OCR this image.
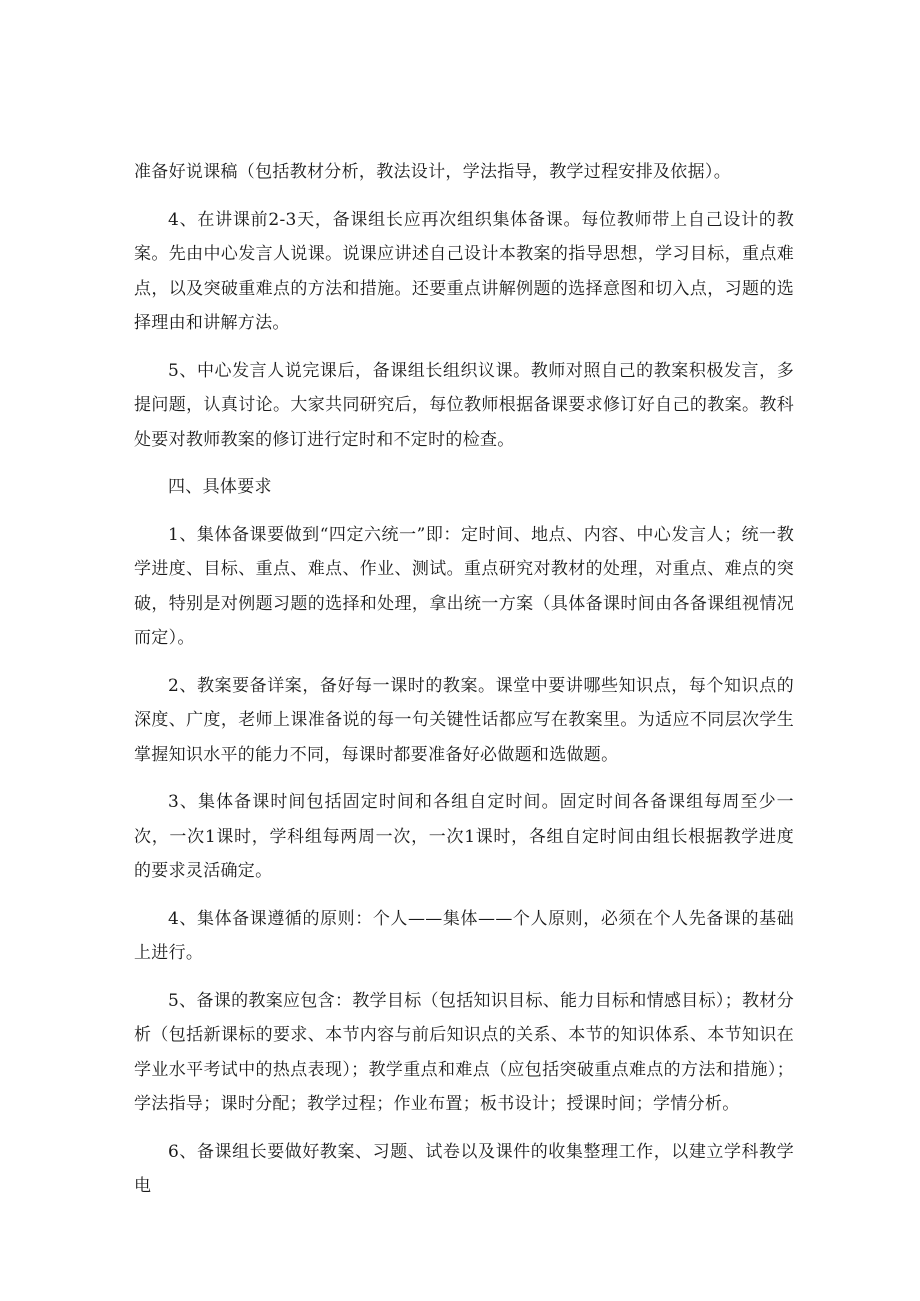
准备好说课稿（包括教材分析，教法设计，学法指导，教学过程安排及依据）。

4、在讲课前2-3天，备课组长应再次组织集体备课。每位教师带上自己设计的教案。先由中心发言人说课。说课应讲述自己设计本教案的指导思想，学习目标，重点难点，以及突破重难点的方法和措施。还要重点讲解例题的选择意图和切入点，习题的选择理由和讲解方法。

5、中心发言人说完课后，备课组长组织议课。教师对照自己的教案积极发言，多提问题，认真讨论。大家共同研究后，每位教师根据备课要求修订好自己的教案。教科处要对教师教案的修订进行定时和不定时的检查。

四、具体要求

1、集体备课要做到“四定六统一”即：定时间、地点、内容、中心发言人；统一教学进度、目标、重点、难点、作业、测试。重点研究对教材的处理，对重点、难点的突破，特别是对例题习题的选择和处理，拿出统一方案（具体备课时间由各备课组视情况而定）。

2、教案要备详案，备好每一课时的教案。课堂中要讲哪些知识点，每个知识点的深度、广度，老师上课准备说的每一句关键性话都应写在教案里。为适应不同层次学生掌握知识水平的能力不同，每课时都要准备好必做题和选做题。

3、集体备课时间包括固定时间和各组自定时间。固定时间各备课组每周至少一次，一次1课时，学科组每两周一次，一次1课时，各组自定时间由组长根据教学进度的要求灵活确定。

4、集体备课遵循的原则：个人——集体——个人原则，必须在个人先备课的基础上进行。

5、备课的教案应包含：教学目标（包括知识目标、能力目标和情感目标）；教材分析（包括新课标的要求、本节内容与前后知识点的关系、本节的知识体系、本节知识在学业水平考试中的热点表现）；教学重点和难点（应包括突破重点难点的方法和措施）；学法指导；课时分配；教学过程；作业布置；板书设计；授课时间；学情分析。

6、备课组长要做好教案、习题、试卷以及课件的收集整理工作，以建立学科教学电
